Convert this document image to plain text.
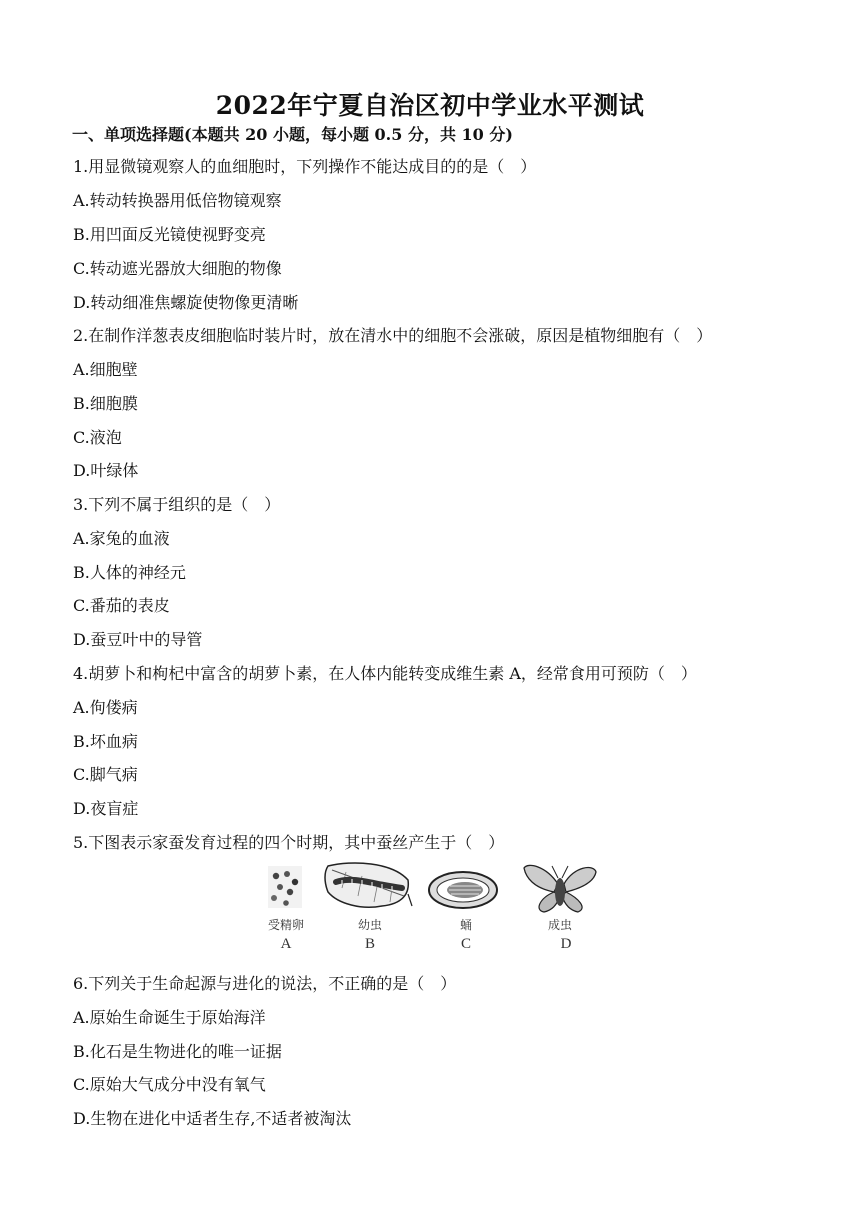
2022年宁夏自治区初中学业水平测试
一、单项选择题(本题共 20 小题，每小题 0.5 分，共 10 分)
1.用显微镜观察人的血细胞时，下列操作不能达成目的的是（　）
A.转动转换器用低倍物镜观察
B.用凹面反光镜使视野变亮
C.转动遮光器放大细胞的物像
D.转动细准焦螺旋使物像更清晰
2.在制作洋葱表皮细胞临时装片时，放在清水中的细胞不会涨破，原因是植物细胞有（　）
A.细胞壁
B.细胞膜
C.液泡
D.叶绿体
3.下列不属于组织的是（　）
A.家兔的血液
B.人体的神经元
C.番茄的表皮
D.蚕豆叶中的导管
4.胡萝卜和枸杞中富含的胡萝卜素，在人体内能转变成维生素 A，经常食用可预防（　）
A.佝偻病
B.坏血病
C.脚气病
D.夜盲症
5.下图表示家蚕发育过程的四个时期，其中蚕丝产生于（　）
受精卵	幼虫	蛹	成虫
A	B	C	D
6.下列关于生命起源与进化的说法，不正确的是（　）
A.原始生命诞生于原始海洋
B.化石是生物进化的唯一证据
C.原始大气成分中没有氧气
D.生物在进化中适者生存,不适者被淘汰
